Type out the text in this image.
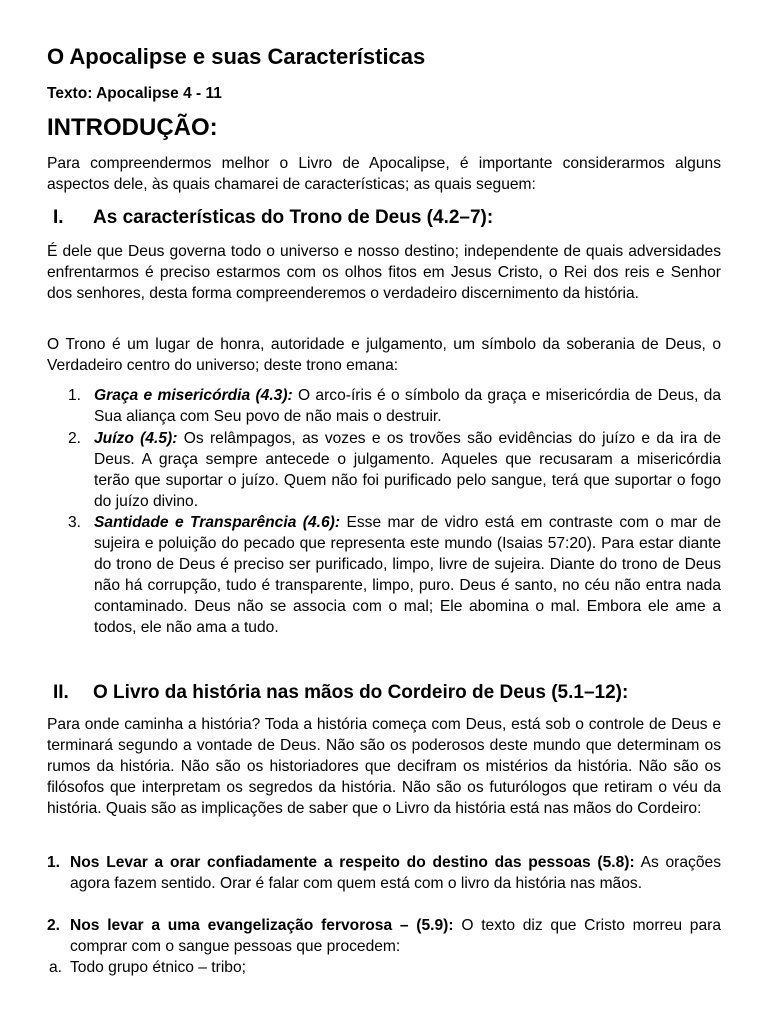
O Apocalipse e suas Características
Texto: Apocalipse 4 - 11
INTRODUÇÃO:

Para compreendermos melhor o Livro de Apocalipse, é importante considerarmos alguns aspectos dele, às quais chamarei de características; as quais seguem:

I. As características do Trono de Deus (4.2–7):

É dele que Deus governa todo o universo e nosso destino; independente de quais adversidades enfrentarmos é preciso estarmos com os olhos fitos em Jesus Cristo, o Rei dos reis e Senhor dos senhores, desta forma compreenderemos o verdadeiro discernimento da história.

O Trono é um lugar de honra, autoridade e julgamento, um símbolo da soberania de Deus, o Verdadeiro centro do universo; deste trono emana:

1. Graça e misericórdia (4.3): O arco-íris é o símbolo da graça e misericórdia de Deus, da Sua aliança com Seu povo de não mais o destruir.
2. Juízo (4.5): Os relâmpagos, as vozes e os trovões são evidências do juízo e da ira de Deus. A graça sempre antecede o julgamento. Aqueles que recusaram a misericórdia terão que suportar o juízo. Quem não foi purificado pelo sangue, terá que suportar o fogo do juízo divino.
3. Santidade e Transparência (4.6): Esse mar de vidro está em contraste com o mar de sujeira e poluição do pecado que representa este mundo (Isaias 57:20). Para estar diante do trono de Deus é preciso ser purificado, limpo, livre de sujeira. Diante do trono de Deus não há corrupção, tudo é transparente, limpo, puro. Deus é santo, no céu não entra nada contaminado. Deus não se associa com o mal; Ele abomina o mal. Embora ele ame a todos, ele não ama a tudo.
II. O Livro da história nas mãos do Cordeiro de Deus (5.1–12):

Para onde caminha a história? Toda a história começa com Deus, está sob o controle de Deus e terminará segundo a vontade de Deus. Não são os poderosos deste mundo que determinam os rumos da história. Não são os historiadores que decifram os mistérios da história. Não são os filósofos que interpretam os segredos da história. Não são os futurólogos que retiram o véu da história. Quais são as implicações de saber que o Livro da história está nas mãos do Cordeiro:

1. Nos Levar a orar confiadamente a respeito do destino das pessoas (5.8): As orações agora fazem sentido. Orar é falar com quem está com o livro da história nas mãos.
2. Nos levar a uma evangelização fervorosa – (5.9): O texto diz que Cristo morreu para comprar com o sangue pessoas que procedem:
a. Todo grupo étnico – tribo;
